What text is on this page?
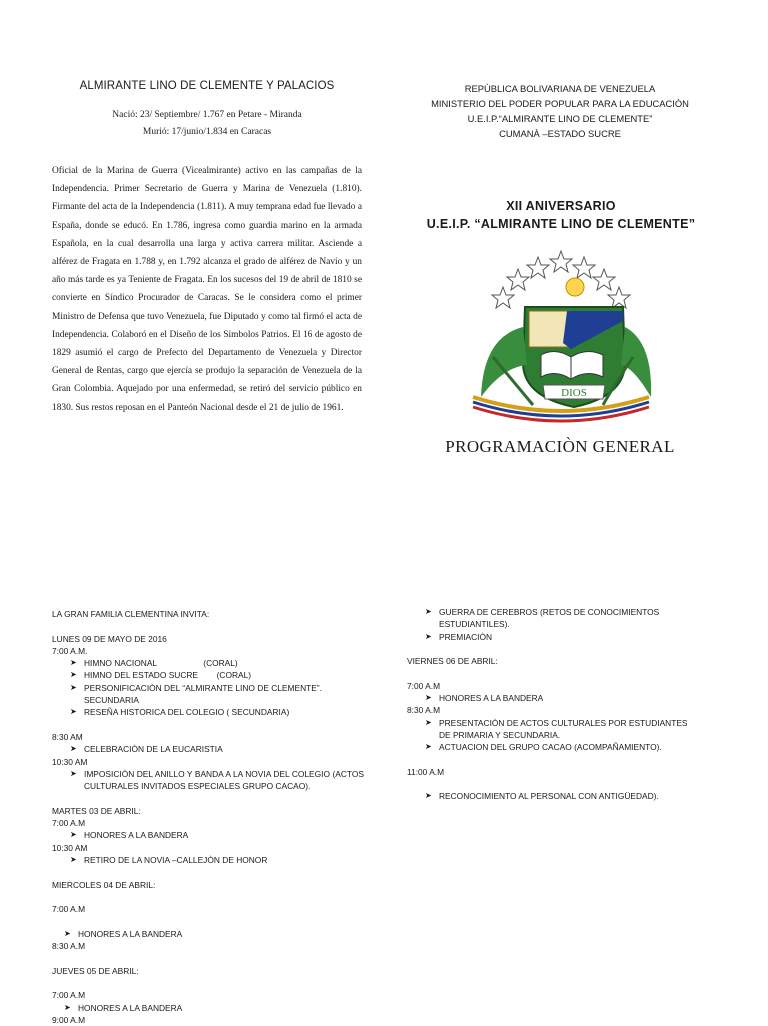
ALMIRANTE LINO DE CLEMENTE Y PALACIOS
Nació: 23/ Septiembre/ 1.767 en Petare - Miranda
Murió: 17/junio/1.834 en Caracas
Oficial de la Marina de Guerra (Vicealmirante) activo en las campañas de la Independencia. Primer Secretario de Guerra y Marina de Venezuela (1.810). Firmante del acta de la Independencia (1.811). A muy temprana edad fue llevado a España, donde se educó. En 1.786, ingresa como guardia marino en la armada Española, en la cual desarrolla una larga y activa carrera militar. Asciende a alférez de Fragata en 1.788 y, en 1.792 alcanza el grado de alférez de Navío y un año más tarde es ya Teniente de Fragata. En los sucesos del 19 de abril de 1810 se convierte en Síndico Procurador de Caracas. Se le considera como el primer Ministro de Defensa que tuvo Venezuela, fue Diputado y como tal firmó el acta de Independencia. Colaboró en el Diseño de los Símbolos Patrios. El 16 de agosto de 1829 asumió el cargo de Prefecto del Departamento de Venezuela y Director General de Rentas, cargo que ejercía se produjo la separación de Venezuela de la Gran Colombia. Aquejado por una enfermedad, se retiró del servicio público en 1830. Sus restos reposan en el Panteón Nacional desde el 21 de julio de 1961.
REPÙBLICA BOLIVARIANA DE VENEZUELA
MINISTERIO DEL PODER POPULAR PARA LA EDUCACIÒN
U.E.I.P.“ALMIRANTE LINO DE CLEMENTE”
CUMANÀ –ESTADO SUCRE
XII ANIVERSARIO
U.E.I.P. “ALMIRANTE LINO DE CLEMENTE”
DIOS
PROGRAMACIÒN GENERAL
LA GRAN FAMILIA CLEMENTINA INVITA:
LUNES 09 DE MAYO DE 2016
7:00 A.M.
➤ HIMNO NACIONAL                    (CORAL)
➤ HIMNO DEL ESTADO SUCRE        (CORAL)
➤ PERSONIFICACIÒN DEL “ALMIRANTE LINO DE CLEMENTE”. SECUNDARIA
➤ RESEÑA HISTORICA DEL COLEGIO ( SECUNDARIA)
8:30 AM
➤ CELEBRACIÒN DE LA EUCARISTIA
10:30 AM
➤ IMPOSICIÒN DEL ANILLO Y BANDA A LA NOVIA DEL COLEGIO (ACTOS CULTURALES INVITADOS ESPECIALES GRUPO CACAO).
MARTES 03 DE ABRIL:
7:00 A.M
➤ HONORES A LA BANDERA
10:30 AM
➤ RETIRO DE LA NOVIA –CALLEJÒN DE HONOR
MIERCOLES 04 DE ABRIL:
7:00 A.M
➤ HONORES A LA BANDERA
8:30 A.M
JUEVES 05 DE ABRIL:
7:00 A.M
➤ HONORES A LA BANDERA
9:00 A.M
➤ GUERRA DE CEREBROS (RETOS DE CONOCIMIENTOS ESTUDIANTILES).
➤ PREMIACIÒN
VIERNES 06 DE ABRIL:
7:00 A.M
➤ HONORES A LA BANDERA
8:30 A.M
➤ PRESENTACIÒN DE ACTOS CULTURALES POR ESTUDIANTES DE PRIMARIA Y SECUNDARIA.
➤ ACTUACION DEL GRUPO CACAO (ACOMPAÑAMIENTO).
11:00 A.M
➤ RECONOCIMIENTO AL PERSONAL CON ANTIGÜEDAD).
